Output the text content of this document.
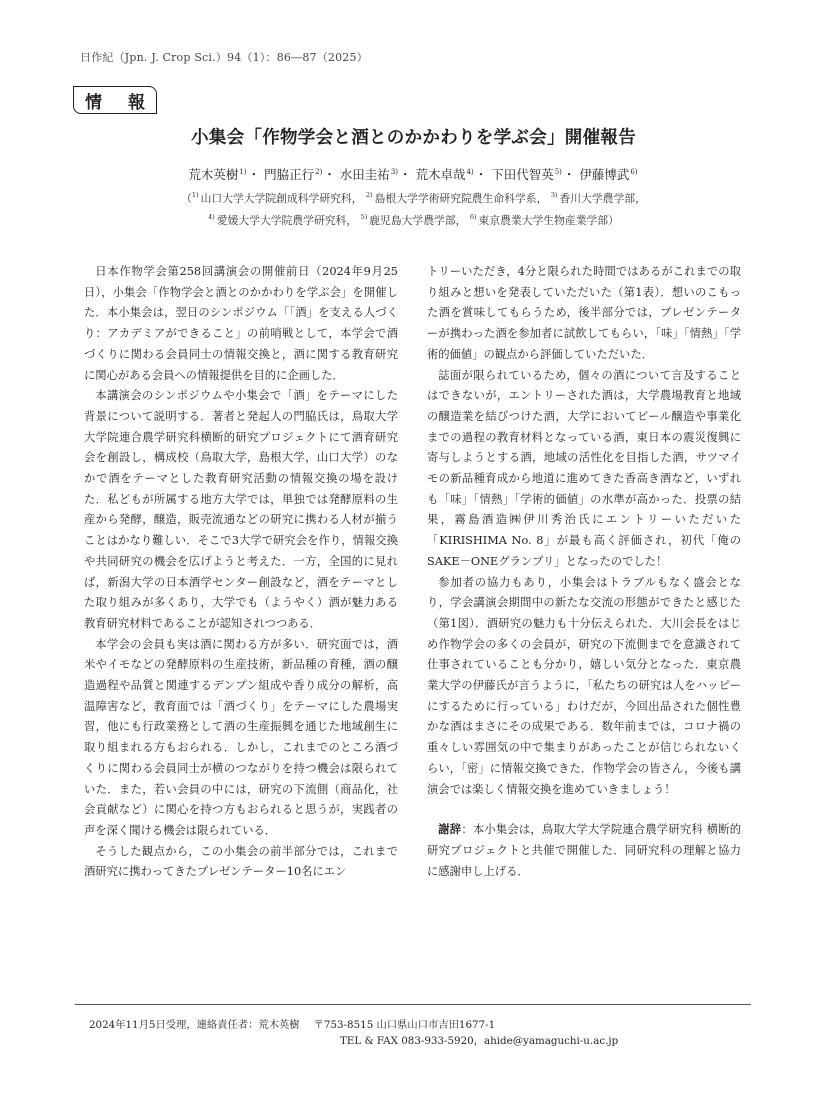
日作紀（Jpn. J. Crop Sci.）94（1）：86―87（2025）
情 報
小集会「作物学会と酒とのかかわりを学ぶ会」開催報告
荒木英樹$^{1)}$・ 門脇正行$^{2)}$・ 水田圭祐$^{3)}$・ 荒木卓哉$^{4)}$・ 下田代智英$^{5)}$・ 伊藤博武$^{6)}$
（$^{1)}$ 山口大学大学院創成科学研究科， $^{2)}$ 島根大学学術研究院農生命科学系， $^{3)}$ 香川大学農学部，
$^{4)}$ 愛媛大学大学院農学研究科， $^{5)}$ 鹿児島大学農学部， $^{6)}$ 東京農業大学生物産業学部）

日本作物学会第258回講演会の開催前日（2024年9月25日），小集会「作物学会と酒とのかかわりを学ぶ会」を開催した．本小集会は，翌日のシンポジウム「「酒」を支える人づくり：アカデミアができること」の前哨戦として，本学会で酒づくりに関わる会員同士の情報交換と，酒に関する教育研究に関心がある会員への情報提供を目的に企画した．

本講演会のシンポジウムや小集会で「酒」をテーマにした背景について説明する．著者と発起人の門脇氏は，鳥取大学大学院連合農学研究科横断的研究プロジェクトにて酒育研究会を創設し，構成校（鳥取大学，島根大学，山口大学）のなかで酒をテーマとした教育研究活動の情報交換の場を設けた．私どもが所属する地方大学では，単独では発酵原料の生産から発酵，醸造，販売流通などの研究に携わる人材が揃うことはかなり難しい．そこで3大学で研究会を作り，情報交換や共同研究の機会を広げようと考えた．一方，全国的に見れば，新潟大学の日本酒学センター創設など，酒をテーマとした取り組みが多くあり，大学でも（ようやく）酒が魅力ある教育研究材料であることが認知されつつある．

本学会の会員も実は酒に関わる方が多い．研究面では，酒米やイモなどの発酵原料の生産技術，新品種の育種，酒の醸造過程や品質と関連するデンプン組成や香り成分の解析，高温障害など，教育面では「酒づくり」をテーマにした農場実習，他にも行政業務として酒の生産振興を通じた地域創生に取り組まれる方もおられる．しかし，これまでのところ酒づくりに関わる会員同士が横のつながりを持つ機会は限られていた．また，若い会員の中には，研究の下流側（商品化，社会貢献など）に関心を持つ方もおられると思うが，実践者の声を深く聞ける機会は限られている．

そうした観点から，この小集会の前半部分では，これまで酒研究に携わってきたプレゼンテーター10名にエン

トリーいただき，4分と限られた時間ではあるがこれまでの取り組みと想いを発表していただいた（第1表）．想いのこもった酒を賞味してもらうため，後半部分では，プレゼンテーターが携わった酒を参加者に試飲してもらい，「味」「情熱」「学術的価値」の観点から評価していただいた．

誌面が限られているため，個々の酒について言及することはできないが，エントリーされた酒は，大学農場教育と地域の醸造業を結びつけた酒，大学においてビール醸造や事業化までの過程の教育材料となっている酒，東日本の震災復興に寄与しようとする酒，地域の活性化を目指した酒，サツマイモの新品種育成から地道に進めてきた香高き酒など，いずれも「味」「情熱」「学術的価値」の水準が高かった．投票の結果，霧島酒造㈱伊川秀治氏にエントリーいただいた「KIRISHIMA No. 8」が最も高く評価され，初代「俺のSAKE－ONEグランプリ」となったのでした！

参加者の協力もあり，小集会はトラブルもなく盛会となり，学会講演会期間中の新たな交流の形態ができたと感じた（第1図）．酒研究の魅力も十分伝えられた．大川会長をはじめ作物学会の多くの会員が，研究の下流側までを意識されて仕事されていることも分かり，嬉しい気分となった．東京農業大学の伊藤氏が言うように，「私たちの研究は人をハッピーにするために行っている」わけだが，今回出品された個性豊かな酒はまさにその成果である．数年前までは，コロナ禍の重々しい雰囲気の中で集まりがあったことが信じられないくらい，「密」に情報交換できた．作物学会の皆さん，今後も講演会では楽しく情報交換を進めていきましょう！

謝辞：本小集会は，鳥取大学大学院連合農学研究科 横断的研究プロジェクトと共催で開催した．同研究科の理解と協力に感謝申し上げる．

2024年11月5日受理，連絡責任者：荒木英樹 〒753-8515 山口県山口市吉田1677-1
TEL & FAX 083-933-5920，ahide@yamaguchi-u.ac.jp
